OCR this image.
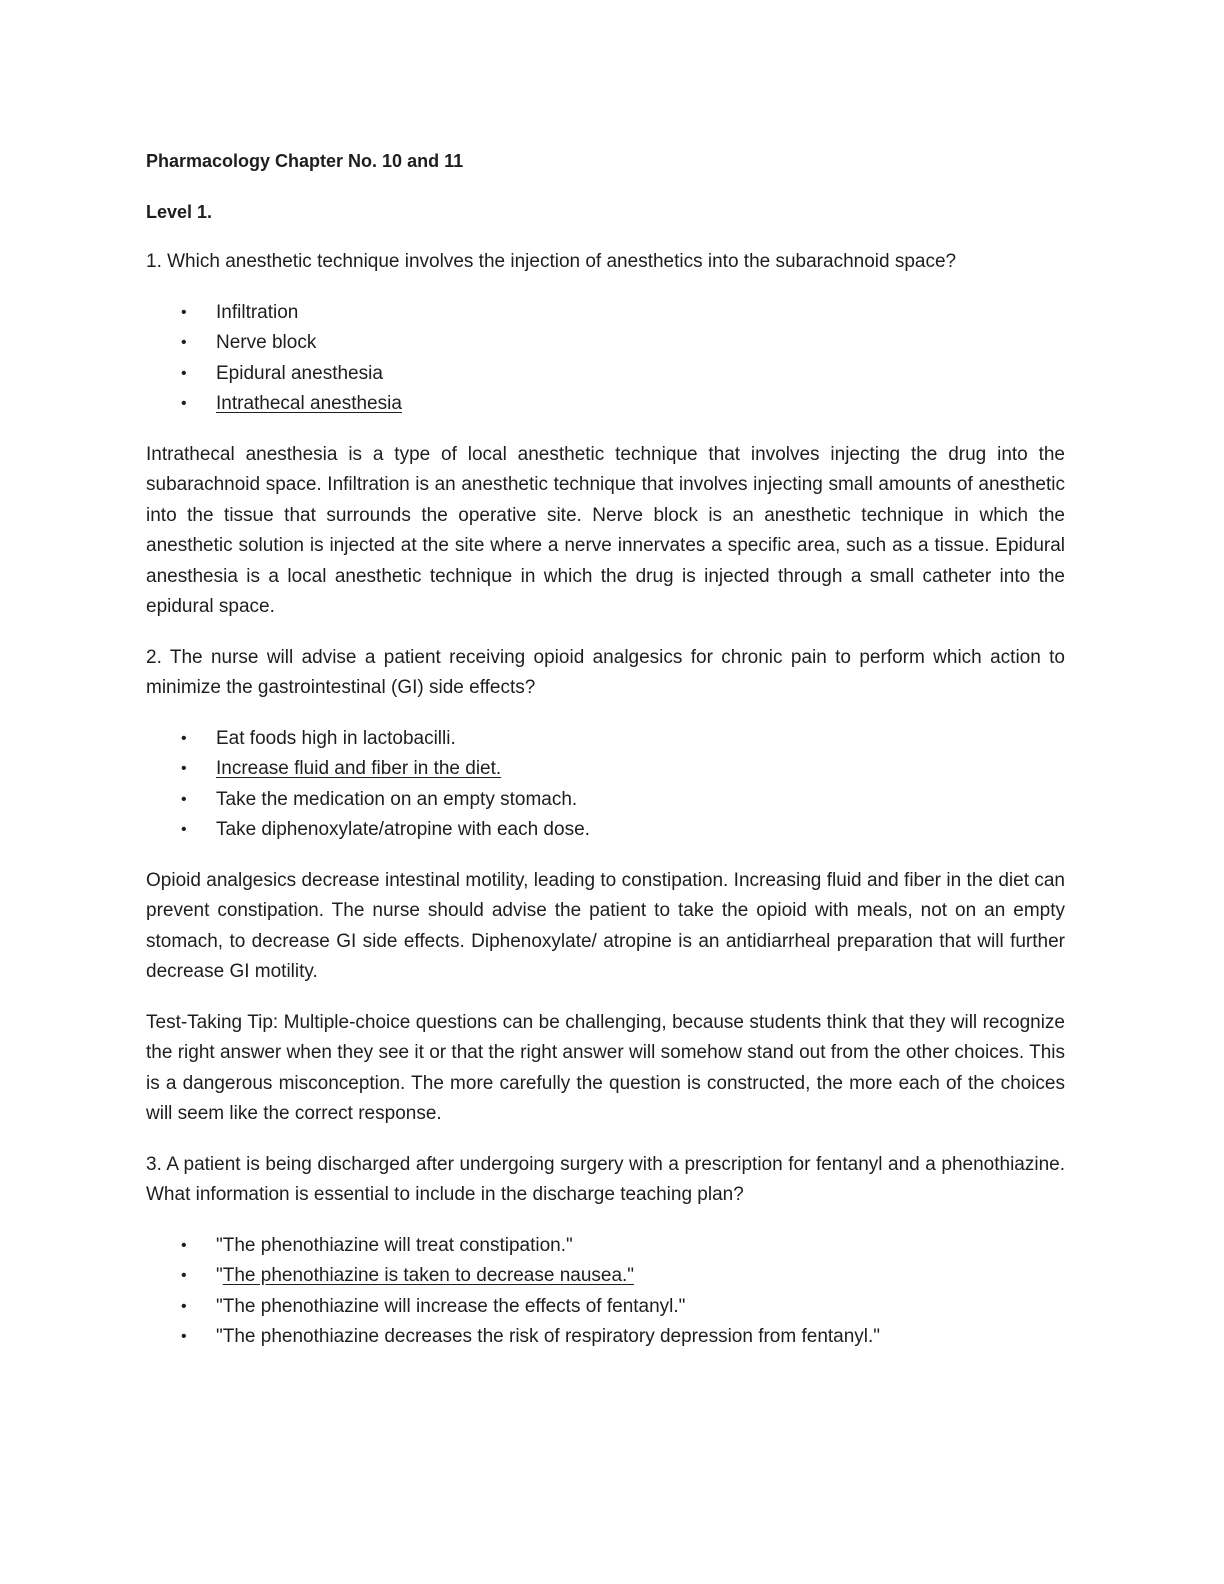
Pharmacology Chapter No. 10 and 11
Level 1.

1. Which anesthetic technique involves the injection of anesthetics into the subarachnoid space?

• Infiltration
• Nerve block
• Epidural anesthesia
• Intrathecal anesthesia

Intrathecal anesthesia is a type of local anesthetic technique that involves injecting the drug into the subarachnoid space. Infiltration is an anesthetic technique that involves injecting small amounts of anesthetic into the tissue that surrounds the operative site. Nerve block is an anesthetic technique in which the anesthetic solution is injected at the site where a nerve innervates a specific area, such as a tissue. Epidural anesthesia is a local anesthetic technique in which the drug is injected through a small catheter into the epidural space.

2. The nurse will advise a patient receiving opioid analgesics for chronic pain to perform which action to minimize the gastrointestinal (GI) side effects?

• Eat foods high in lactobacilli.
• Increase fluid and fiber in the diet.
• Take the medication on an empty stomach.
• Take diphenoxylate/atropine with each dose.

Opioid analgesics decrease intestinal motility, leading to constipation. Increasing fluid and fiber in the diet can prevent constipation. The nurse should advise the patient to take the opioid with meals, not on an empty stomach, to decrease GI side effects. Diphenoxylate/ atropine is an antidiarrheal preparation that will further decrease GI motility.

Test-Taking Tip: Multiple-choice questions can be challenging, because students think that they will recognize the right answer when they see it or that the right answer will somehow stand out from the other choices. This is a dangerous misconception. The more carefully the question is constructed, the more each of the choices will seem like the correct response.

3. A patient is being discharged after undergoing surgery with a prescription for fentanyl and a phenothiazine. What information is essential to include in the discharge teaching plan?

• "The phenothiazine will treat constipation."
• "The phenothiazine is taken to decrease nausea."
• "The phenothiazine will increase the effects of fentanyl."
• "The phenothiazine decreases the risk of respiratory depression from fentanyl."
